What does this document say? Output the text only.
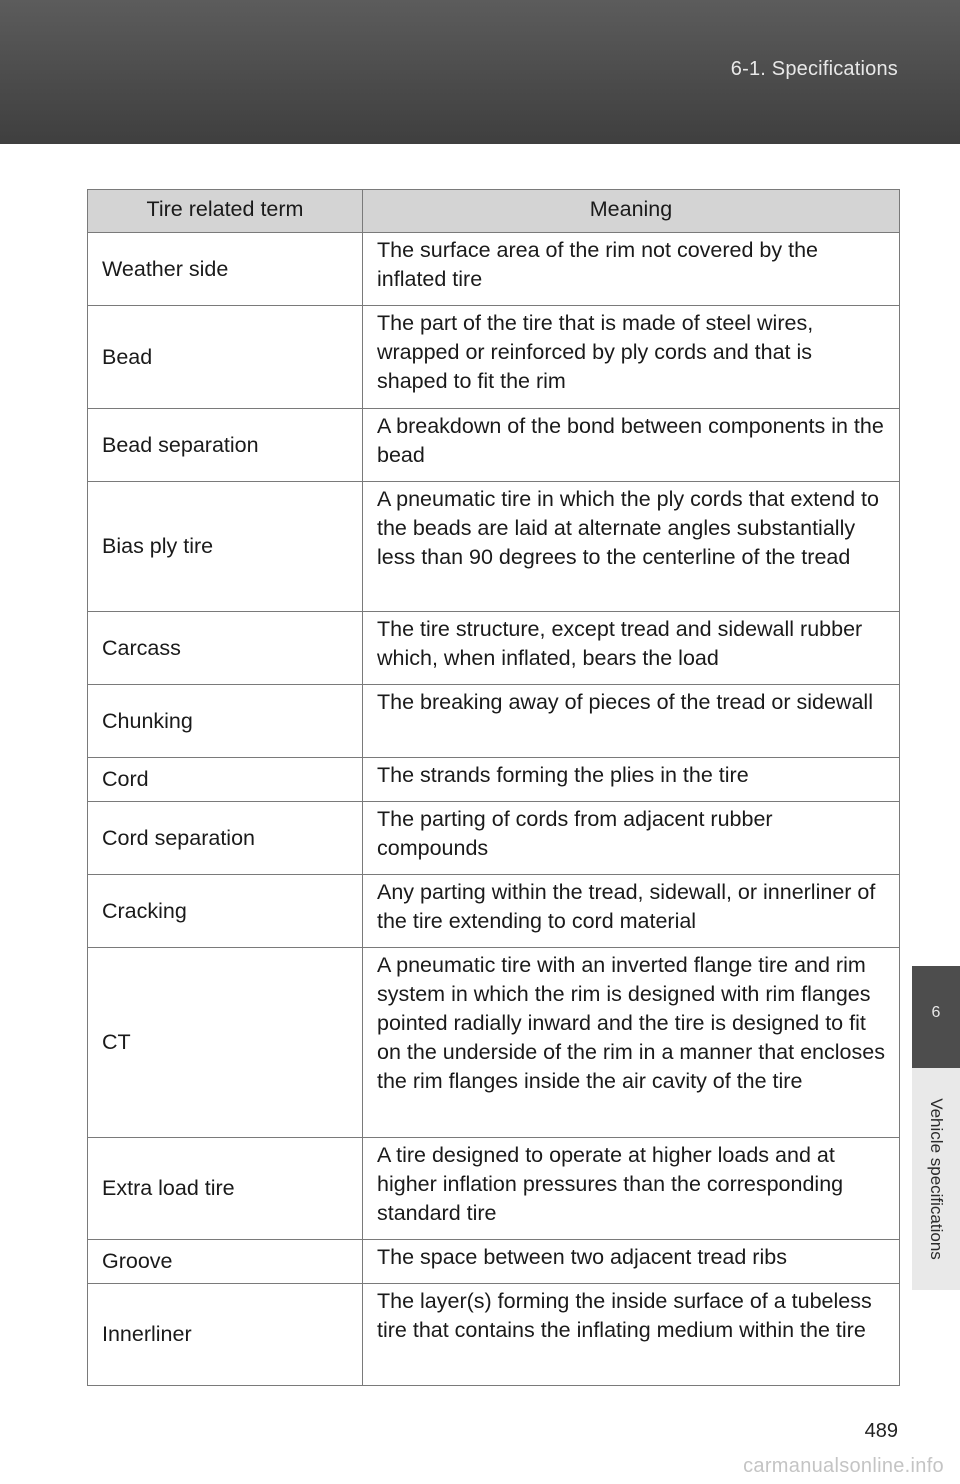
6-1. Specifications
6
Vehicle specifications
Tire related term	Meaning
Weather side	The surface area of the rim not covered by the inflated tire
Bead	The part of the tire that is made of steel wires, wrapped or reinforced by ply cords and that is shaped to fit the rim
Bead separation	A breakdown of the bond between components in the bead
Bias ply tire	A pneumatic tire in which the ply cords that extend to the beads are laid at alternate angles substantially less than 90 degrees to the centerline of the tread
Carcass	The tire structure, except tread and sidewall rubber which, when inflated, bears the load
Chunking	The breaking away of pieces of the tread or sidewall
Cord	The strands forming the plies in the tire
Cord separation	The parting of cords from adjacent rubber compounds
Cracking	Any parting within the tread, sidewall, or innerliner of the tire extending to cord material
CT	A pneumatic tire with an inverted flange tire and rim system in which the rim is designed with rim flanges pointed radially inward and the tire is designed to fit on the underside of the rim in a manner that encloses the rim flanges inside the air cavity of the tire
Extra load tire	A tire designed to operate at higher loads and at higher inflation pressures than the corresponding standard tire
Groove	The space between two adjacent tread ribs
Innerliner	The layer(s) forming the inside surface of a tubeless tire that contains the inflating medium within the tire
489
carmanualsonline.info
